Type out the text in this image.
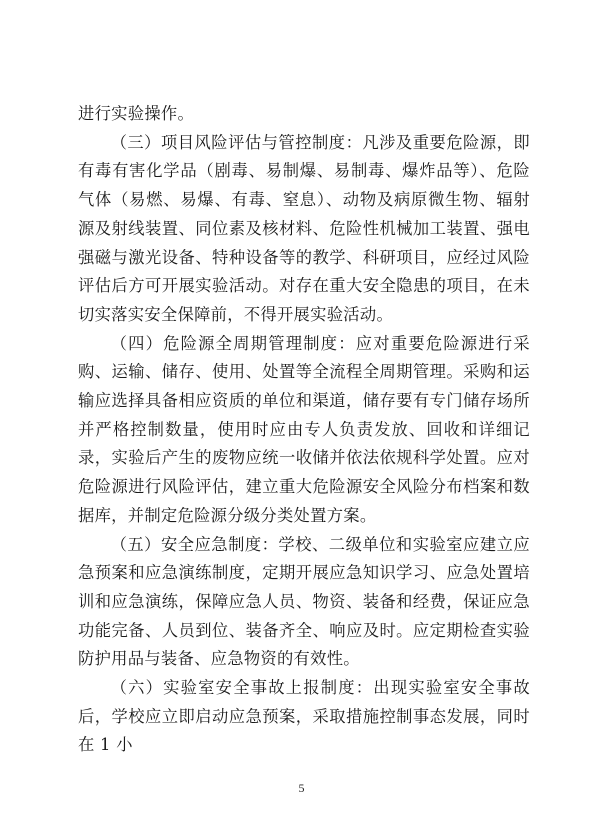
进行实验操作。

（三）项目风险评估与管控制度：凡涉及重要危险源，即有毒有害化学品（剧毒、易制爆、易制毒、爆炸品等）、危险气体（易燃、易爆、有毒、窒息）、动物及病原微生物、辐射源及射线装置、同位素及核材料、危险性机械加工装置、强电强磁与激光设备、特种设备等的教学、科研项目，应经过风险评估后方可开展实验活动。对存在重大安全隐患的项目，在未切实落实安全保障前，不得开展实验活动。

（四）危险源全周期管理制度：应对重要危险源进行采购、运输、储存、使用、处置等全流程全周期管理。采购和运输应选择具备相应资质的单位和渠道，储存要有专门储存场所并严格控制数量，使用时应由专人负责发放、回收和详细记录，实验后产生的废物应统一收储并依法依规科学处置。应对危险源进行风险评估，建立重大危险源安全风险分布档案和数据库，并制定危险源分级分类处置方案。

（五）安全应急制度：学校、二级单位和实验室应建立应急预案和应急演练制度，定期开展应急知识学习、应急处置培训和应急演练，保障应急人员、物资、装备和经费，保证应急功能完备、人员到位、装备齐全、响应及时。应定期检查实验防护用品与装备、应急物资的有效性。

（六）实验室安全事故上报制度：出现实验室安全事故后，学校应立即启动应急预案，采取措施控制事态发展，同时在 1 小

5
